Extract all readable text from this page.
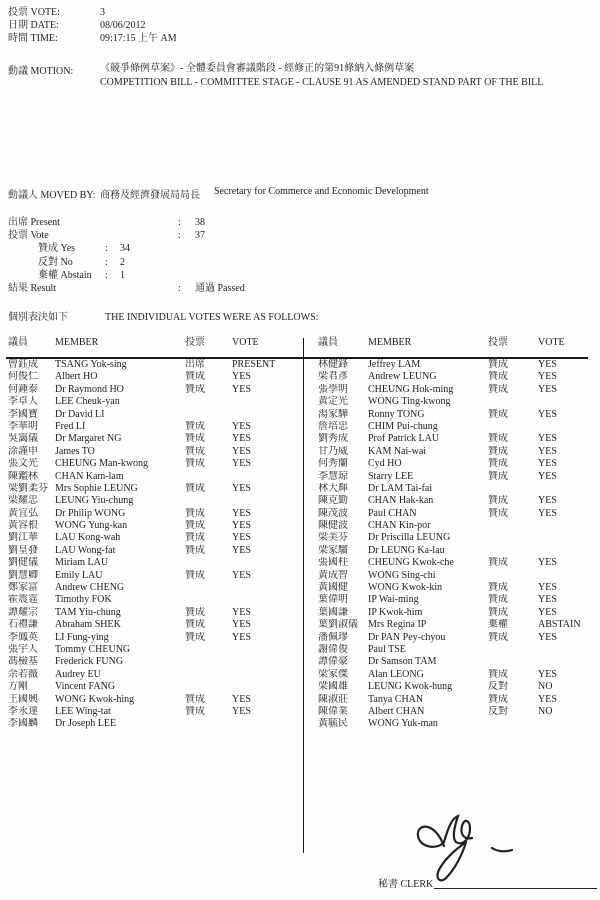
投票 VOTE:	3
日期 DATE:	08/06/2012
時間 TIME:	09:17:15 上午 AM
動議 MOTION:	《競爭條例草案》- 全體委員會審議階段 - 經修正的第91條納入條例草案
COMPETITION BILL - COMMITTEE STAGE - CLAUSE 91 AS AMENDED STAND PART OF THE BILL
動議人 MOVED BY: 商務及經濟發展局局長 Secretary for Commerce and Economic Development
出席 Present	: 38
投票 Vote	: 37
贊成 Yes	: 34
反對 No	: 2
棄權 Abstain : 1
結果 Result	: 通過 Passed
個別表決如下	THE INDIVIDUAL VOTES WERE AS FOLLOWS:
議員	MEMBER	投票	VOTE
曾鈺成	TSANG Yok-sing	出席	PRESENT
何俊仁	Albert HO	贊成	YES
何鍾泰	Dr Raymond HO	贊成	YES
李卓人	LEE Cheuk-yan
李國寶	Dr David LI
李華明	Fred LI	贊成	YES
吳靄儀	Dr Margaret NG	贊成	YES
涂謹申	James TO	贊成	YES
張文光	CHEUNG Man-kwong	贊成	YES
陳鑑林	CHAN Kam-lam
梁劉柔芬 Mrs Sophie LEUNG	贊成	YES
梁耀忠	LEUNG Yiu-chung
黃宜弘	Dr Philip WONG	贊成	YES
黃容根	WONG Yung-kan	贊成	YES
劉江華	LAU Kong-wah	贊成	YES
劉皇發	LAU Wong-fat	贊成	YES
劉健儀	Miriam LAU
劉慧卿	Emily LAU	贊成	YES
鄭家富	Andrew CHENG
霍震霆	Timothy FOK
譚耀宗	TAM Yiu-chung	贊成	YES
石禮謙	Abraham SHEK	贊成	YES
李鳳英	LI Fung-ying	贊成	YES
張宇人	Tommy CHEUNG
馮檢基	Frederick FUNG
余若薇	Audrey EU
方剛	Vincent FANG
王國興	WONG Kwok-hing	贊成	YES
李永達	LEE Wing-tat	贊成	YES
李國麟	Dr Joseph LEE
議員	MEMBER	投票	VOTE
林健鋒	Jeffrey LAM	贊成	YES
梁君彥	Andrew LEUNG	贊成	YES
張學明	CHEUNG Hok-ming	贊成	YES
黃定光	WONG Ting-kwong
湯家驊	Ronny TONG	贊成	YES
詹培忠	CHIM Pui-chung
劉秀成	Prof Patrick LAU	贊成	YES
甘乃威	KAM Nai-wai	贊成	YES
何秀蘭	Cyd HO	贊成	YES
李慧琼	Starry LEE	贊成	YES
林大輝	Dr LAM Tai-fai
陳克勤	CHAN Hak-kan	贊成	YES
陳茂波	Paul CHAN	贊成	YES
陳健波	CHAN Kin-por
梁美芬	Dr Priscilla LEUNG
梁家騮	Dr LEUNG Ka-lau
張國柱	CHEUNG Kwok-che	贊成	YES
黃成智	WONG Sing-chi
黃國健	WONG Kwok-kin	贊成	YES
葉偉明	IP Wai-ming	贊成	YES
葉國謙	IP Kwok-him	贊成	YES
葉劉淑儀	Mrs Regina IP	棄權	ABSTAIN
潘佩璆	Dr PAN Pey-chyou	贊成	YES
謝偉俊	Paul TSE
譚偉豪	Dr Samson TAM
梁家傑	Alan LEONG	贊成	YES
梁國雄	LEUNG Kwok-hung	反對	NO
陳淑莊	Tanya CHAN	贊成	YES
陳偉業	Albert CHAN	反對	NO
黃毓民	WONG Yuk-man
秘書 CLERK
